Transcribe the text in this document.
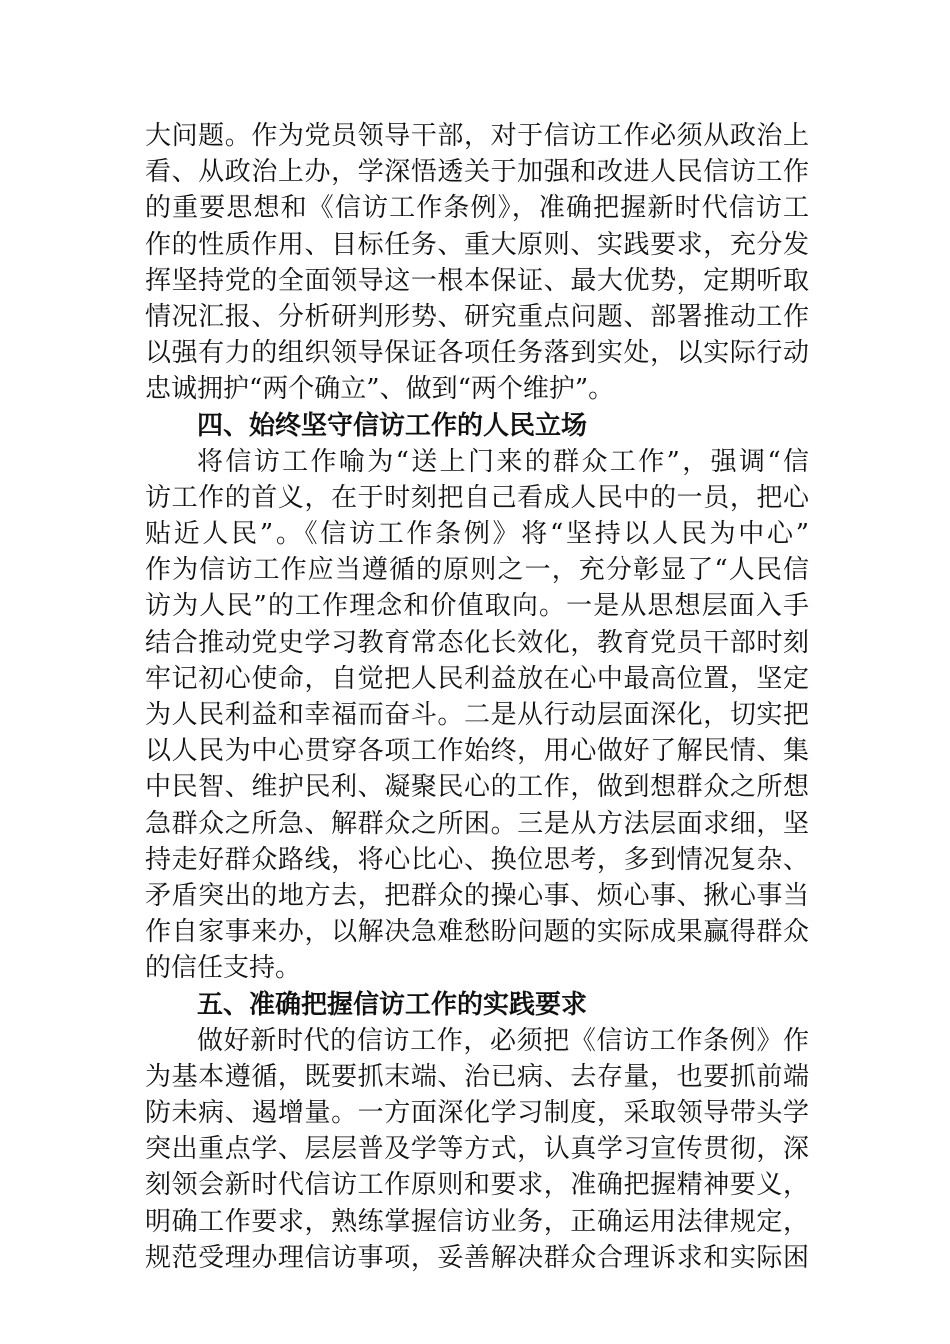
大问题。作为党员领导干部，对于信访工作必须从政治上
看、从政治上办，学深悟透关于加强和改进人民信访工作
的重要思想和《信访工作条例》，准确把握新时代信访工
作的性质作用、目标任务、重大原则、实践要求，充分发
挥坚持党的全面领导这一根本保证、最大优势，定期听取
情况汇报、分析研判形势、研究重点问题、部署推动工作
以强有力的组织领导保证各项任务落到实处，以实际行动
忠诚拥护“两个确立”、做到“两个维护”。
四、始终坚守信访工作的人民立场
将信访工作喻为“送上门来的群众工作”，强调“信
访工作的首义，在于时刻把自己看成人民中的一员，把心
贴近人民”。《信访工作条例》将“坚持以人民为中心”
作为信访工作应当遵循的原则之一，充分彰显了“人民信
访为人民”的工作理念和价值取向。一是从思想层面入手
结合推动党史学习教育常态化长效化，教育党员干部时刻
牢记初心使命，自觉把人民利益放在心中最高位置，坚定
为人民利益和幸福而奋斗。二是从行动层面深化，切实把
以人民为中心贯穿各项工作始终，用心做好了解民情、集
中民智、维护民利、凝聚民心的工作，做到想群众之所想
急群众之所急、解群众之所困。三是从方法层面求细，坚
持走好群众路线，将心比心、换位思考，多到情况复杂、
矛盾突出的地方去，把群众的操心事、烦心事、揪心事当
作自家事来办，以解决急难愁盼问题的实际成果赢得群众
的信任支持。
五、准确把握信访工作的实践要求
做好新时代的信访工作，必须把《信访工作条例》作
为基本遵循，既要抓末端、治已病、去存量，也要抓前端
防未病、遏增量。一方面深化学习制度，采取领导带头学
突出重点学、层层普及学等方式，认真学习宣传贯彻，深
刻领会新时代信访工作原则和要求，准确把握精神要义，
明确工作要求，熟练掌握信访业务，正确运用法律规定，
规范受理办理信访事项，妥善解决群众合理诉求和实际困
